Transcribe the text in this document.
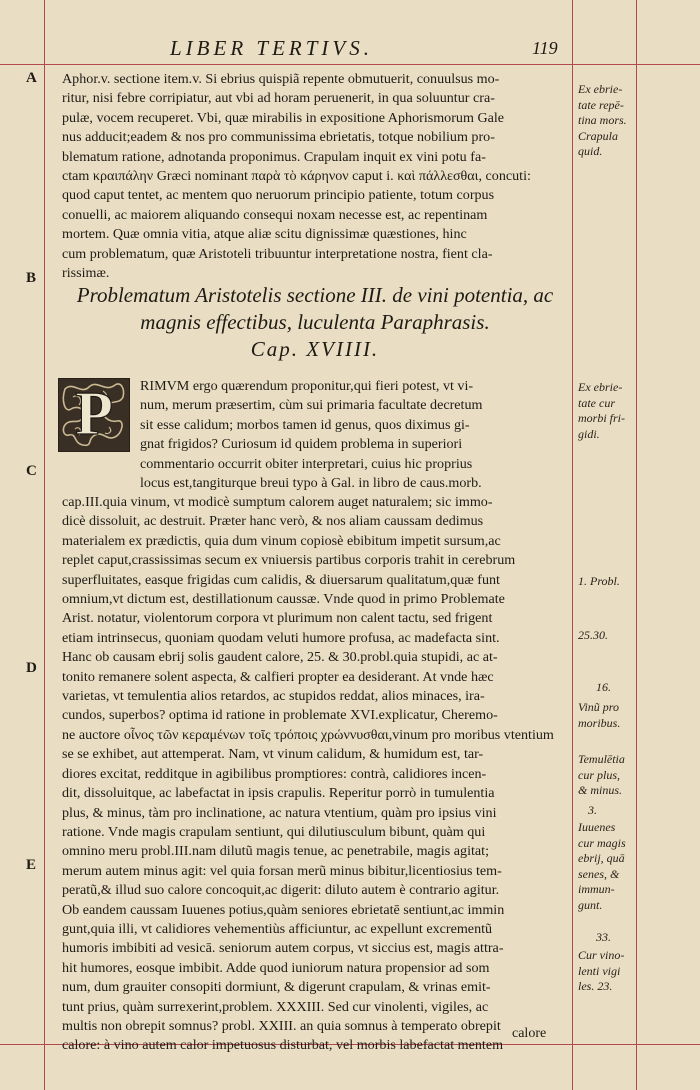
LIBER TERTIVS.	119
A
B
C
D
E

Aphor.v. sectione item.v. Si ebrius quispiã repente obmutuerit, conuulsus mo-

ritur, nisi febre corripiatur, aut vbi ad horam peruenerit, in qua soluuntur cra-

pulæ, vocem recuperet. Vbi, quæ mirabilis in expositione Aphorismorum Gale

nus adducit;eadem & nos pro communissima ebrietatis, totque nobilium pro-

blematum ratione, adnotanda proponimus. Crapulam inquit ex vini potu fa-

ctam κραιπάλην Græci nominant παρὰ τὸ κάρηνον caput i. καὶ πάλλεσθαι, concuti:

quod caput tentet, ac mentem quo neruorum principio patiente, totum corpus

conuelli, ac maiorem aliquando consequi noxam necesse est, ac repentinam

mortem. Quæ omnia vitia, atque aliæ scitu dignissimæ quæstiones, hinc

cum problematum, quæ Aristoteli tribuuntur interpretatione nostra, fient cla-

rissimæ.

Problematum Aristotelis sectione III. de vini potentia, ac
magnis effectibus, luculenta Paraphrasis.
Cap. XVIIII.
P RIMVM ergo quærendum proponitur,qui fieri potest, vt vi-

num, merum præsertim, cùm sui primaria facultate decretum

sit esse calidum; morbos tamen id genus, quos diximus gi-

gnat frigidos? Curiosum id quidem problema in superiori

commentario occurrit obiter interpretari, cuius hic proprius

locus est,tangiturque breui typo à Gal. in libro de caus.morb.

cap.III.quia vinum, vt modicè sumptum calorem auget naturalem; sic immo-

dicè dissoluit, ac destruit. Præter hanc verò, & nos aliam caussam dedimus

materialem ex prædictis, quia dum vinum copiosè ebibitum impetit sursum,ac

replet caput,crassissimas secum ex vniuersis partibus corporis trahit in cerebrum

superfluitates, easque frigidas cum calidis, & diuersarum qualitatum,quæ funt

omnium,vt dictum est, destillationum caussæ. Vnde quod in primo Problemate

Arist. notatur, violentorum corpora vt plurimum non calent tactu, sed frigent

etiam intrinsecus, quoniam quodam veluti humore profusa, ac madefacta sint.

Hanc ob causam ebrij solis gaudent calore, 25. & 30.probl.quia stupidi, ac at-

tonito remanere solent aspecta, & calfieri propter ea desiderant. At vnde hæc

varietas, vt temulentia alios retardos, ac stupidos reddat, alios minaces, ira-

cundos, superbos? optima id ratione in problemate XVI.explicatur, Cheremo-

ne auctore οἶνος τῶν κεραμένων τοῖς τρόποις χρώννυσθαι,vinum pro moribus vtentium

se se exhibet, aut attemperat. Nam, vt vinum calidum, & humidum est, tar-

diores excitat, redditque in agibilibus promptiores: contrà, calidiores incen-

dit, dissoluitque, ac labefactat in ipsis crapulis. Reperitur porrò in tumulentia

plus, & minus, tàm pro inclinatione, ac natura vtentium, quàm pro ipsius vini

ratione. Vnde magis crapulam sentiunt, qui dilutiusculum bibunt, quàm qui

omnino meru probl.III.nam dilutũ magis tenue, ac penetrabile, magis agitat;

merum autem minus agit: vel quia forsan merũ minus bibitur,licentiosius tem-

peratũ,& illud suo calore concoquit,ac digerit: diluto autem è contrario agitur.

Ob eandem caussam Iuuenes potius,quàm seniores ebrietatē sentiunt,ac immin

gunt,quia illi, vt calidiores vehementiùs afficiuntur, ac expellunt excrementũ

humoris imbibiti ad vesicā. seniorum autem corpus, vt siccius est, magis attra-

hit humores, eosque imbibit. Adde quod iuniorum natura propensior ad som

num, dum grauiter consopiti dormiunt, & digerunt crapulam, & vrinas emit-

tunt prius, quàm surrexerint,problem. XXXIII. Sed cur vinolenti, vigiles, ac

multis non obrepit somnus? probl. XXIII. an quia somnus à temperato obrepit

calore: à vino autem calor impetuosus disturbat, vel morbis labefactat mentem

calore
Ex ebrie-
tate repē-
tina mors.
Crapula
quid.
Ex ebrie-
tate cur
morbi fri-
gidi.
1. Probl.
25.30.
16.
Vinũ pro
moribus.
Temulētia
cur plus,
& minus.
3.
Iuuenes
cur magis
ebrij, quā
senes, &
immun-
gunt.
33.
Cur vino-
lenti vigi
les. 23.
